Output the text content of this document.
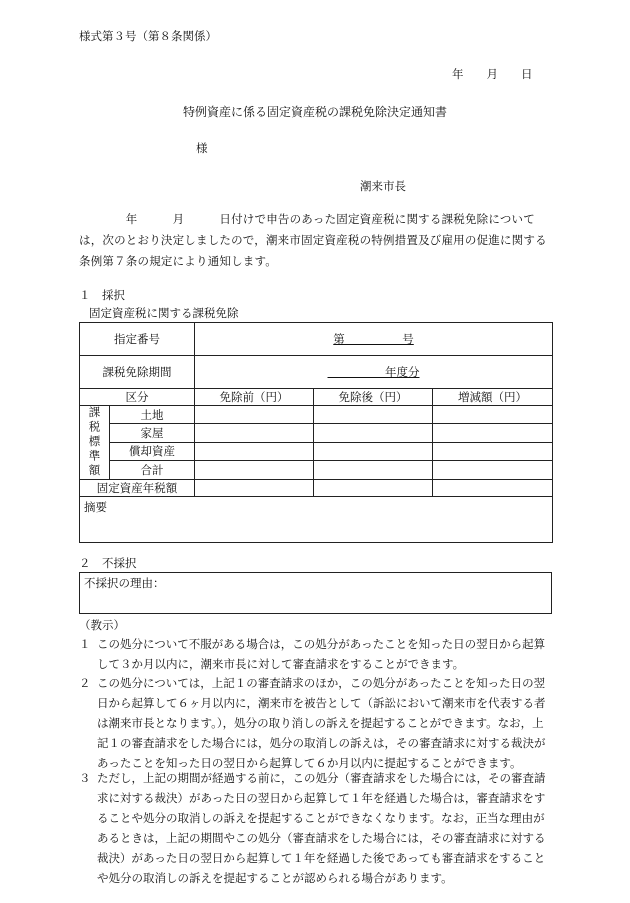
様式第３号（第８条関係）
年　　月　　日
特例資産に係る固定資産税の課税免除決定通知書
様
潮来市長
　　　　年　　　月　　　日付けで申告のあった固定資産税に関する課税免除については，次のとおり決定しましたので，潮来市固定資産税の特例措置及び雇用の促進に関する条例第７条の規定により通知します。
１　採択
固定資産税に関する課税免除
指定番号		第　　　　　号		
課税免除期間		　　　　　年度分		
区分		免除前（円）	免除後（円）	増減額（円）
課税標準額	土地			
	家屋			
	償却資産			
	合計			
固定資産年税額				
摘要				
２　不採択
不採択の理由：
（教示）
１ この処分について不服がある場合は，この処分があったことを知った日の翌日から起算して３か月以内に，潮来市長に対して審査請求をすることができます。
２ この処分については，上記１の審査請求のほか，この処分があったことを知った日の翌日から起算して６ヶ月以内に，潮来市を被告として（訴訟において潮来市を代表する者は潮来市長となります。），処分の取り消しの訴えを提起することができます。なお，上記１の審査請求をした場合には，処分の取消しの訴えは，その審査請求に対する裁決があったことを知った日の翌日から起算して６か月以内に提起することができます。
３ ただし，上記の期間が経過する前に，この処分（審査請求をした場合には，その審査請求に対する裁決）があった日の翌日から起算して１年を経過した場合は，審査請求をすることや処分の取消しの訴えを提起することができなくなります。なお，正当な理由があるときは，上記の期間やこの処分（審査請求をした場合には，その審査請求に対する裁決）があった日の翌日から起算して１年を経過した後であっても審査請求をすることや処分の取消しの訴えを提起することが認められる場合があります。
